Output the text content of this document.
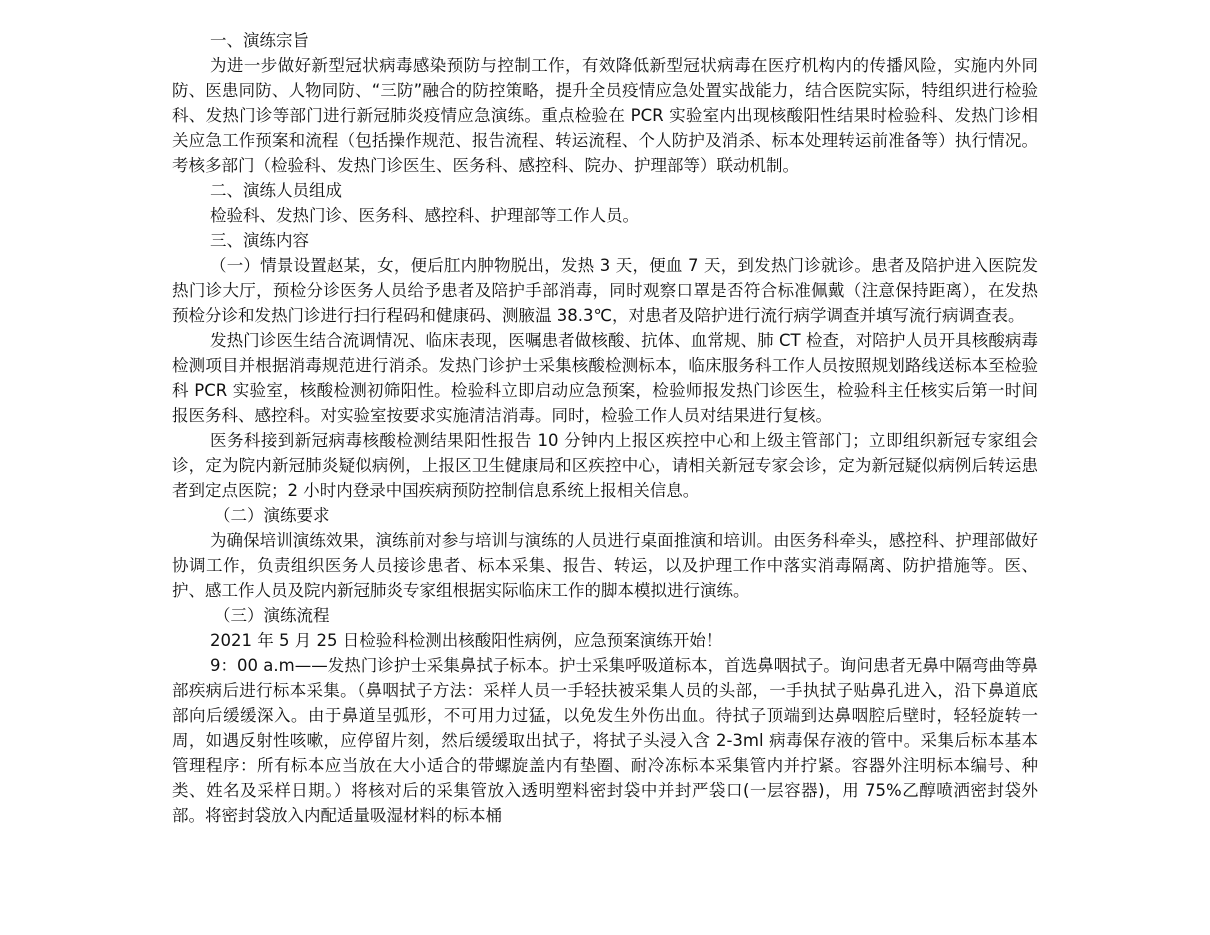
一、演练宗旨

为进一步做好新型冠状病毒感染预防与控制工作，有效降低新型冠状病毒在医疗机构内的传播风险，实施内外同防、医患同防、人物同防、“三防”融合的防控策略，提升全员疫情应急处置实战能力，结合医院实际，特组织进行检验科、发热门诊等部门进行新冠肺炎疫情应急演练。重点检验在 PCR 实验室内出现核酸阳性结果时检验科、发热门诊相关应急工作预案和流程（包括操作规范、报告流程、转运流程、个人防护及消杀、标本处理转运前准备等）执行情况。考核多部门（检验科、发热门诊医生、医务科、感控科、院办、护理部等）联动机制。

二、演练人员组成

检验科、发热门诊、医务科、感控科、护理部等工作人员。

三、演练内容

（一）情景设置赵某，女，便后肛内肿物脱出，发热 3 天，便血 7 天，到发热门诊就诊。患者及陪护进入医院发热门诊大厅，预检分诊医务人员给予患者及陪护手部消毒，同时观察口罩是否符合标准佩戴（注意保持距离），在发热预检分诊和发热门诊进行扫行程码和健康码、测腋温 38.3℃，对患者及陪护进行流行病学调查并填写流行病调查表。

发热门诊医生结合流调情况、临床表现，医嘱患者做核酸、抗体、血常规、肺 CT 检查，对陪护人员开具核酸病毒检测项目并根据消毒规范进行消杀。发热门诊护士采集核酸检测标本，临床服务科工作人员按照规划路线送标本至检验科 PCR 实验室，核酸检测初筛阳性。检验科立即启动应急预案，检验师报发热门诊医生，检验科主任核实后第一时间报医务科、感控科。对实验室按要求实施清洁消毒。同时，检验工作人员对结果进行复核。

医务科接到新冠病毒核酸检测结果阳性报告 10 分钟内上报区疾控中心和上级主管部门；立即组织新冠专家组会诊，定为院内新冠肺炎疑似病例，上报区卫生健康局和区疾控中心，请相关新冠专家会诊，定为新冠疑似病例后转运患者到定点医院；2 小时内登录中国疾病预防控制信息系统上报相关信息。

（二）演练要求

为确保培训演练效果，演练前对参与培训与演练的人员进行桌面推演和培训。由医务科牵头，感控科、护理部做好协调工作，负责组织医务人员接诊患者、标本采集、报告、转运，以及护理工作中落实消毒隔离、防护措施等。医、护、感工作人员及院内新冠肺炎专家组根据实际临床工作的脚本模拟进行演练。

（三）演练流程

2021 年 5 月 25 日检验科检测出核酸阳性病例，应急预案演练开始！

9：00 a.m——发热门诊护士采集鼻拭子标本。护士采集呼吸道标本，首选鼻咽拭子。询问患者无鼻中隔弯曲等鼻部疾病后进行标本采集。（鼻咽拭子方法：采样人员一手轻扶被采集人员的头部，一手执拭子贴鼻孔进入，沿下鼻道底部向后缓缓深入。由于鼻道呈弧形，不可用力过猛，以免发生外伤出血。待拭子顶端到达鼻咽腔后壁时，轻轻旋转一周，如遇反射性咳嗽，应停留片刻，然后缓缓取出拭子，将拭子头浸入含 2-3ml 病毒保存液的管中。采集后标本基本管理程序：所有标本应当放在大小适合的带螺旋盖内有垫圈、耐冷冻标本采集管内并拧紧。容器外注明标本编号、种类、姓名及采样日期。）将核对后的采集管放入透明塑料密封袋中并封严袋口(一层容器)，用 75%乙醇喷洒密封袋外部。将密封袋放入内配适量吸湿材料的标本桶
